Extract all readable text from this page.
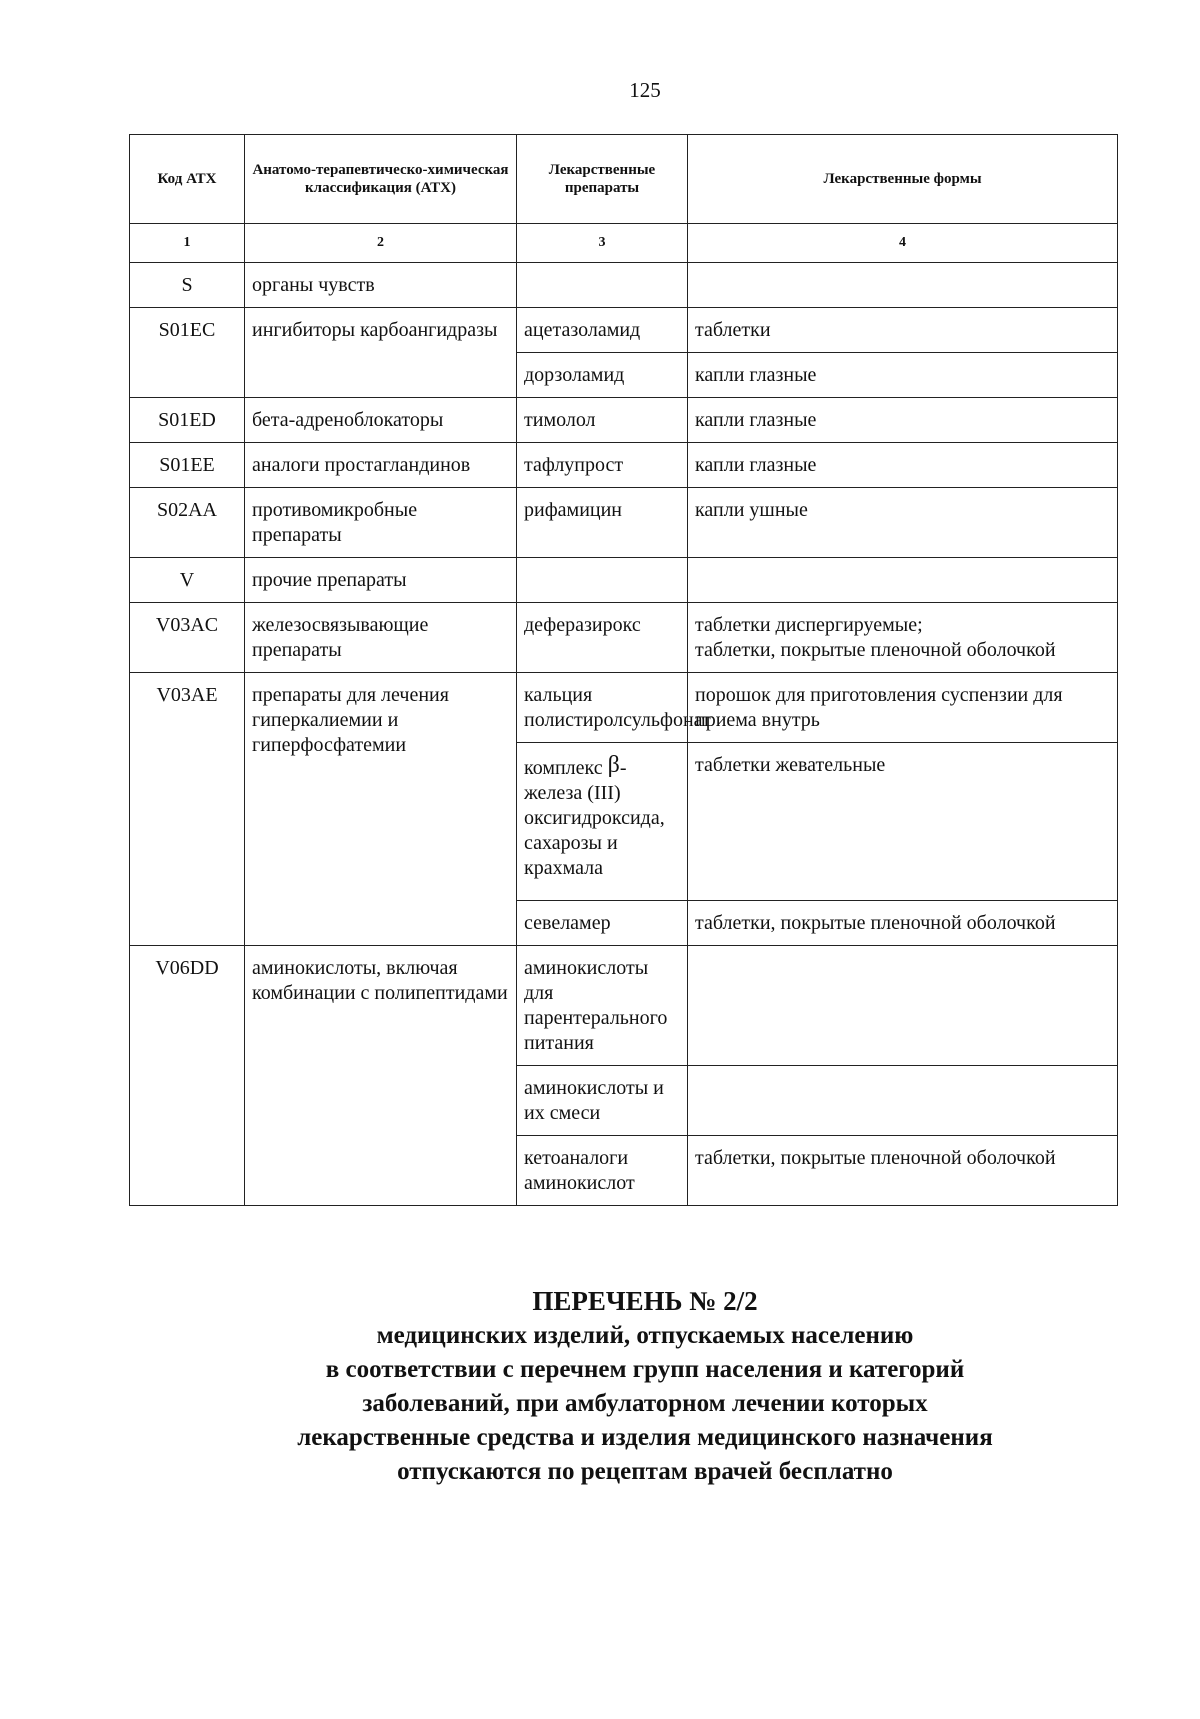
125
Код АТХ	Анатомо-терапевтическо-химическая классификация (АТХ)	Лекарственные препараты	Лекарственные формы
1	2	3	4
S	органы чувств		
S01EC	ингибиторы карбоангидразы	ацетазоламид	таблетки
		дорзоламид	капли глазные
S01ED	бета-адреноблокаторы	тимолол	капли глазные
S01EE	аналоги простагландинов	тафлупрост	капли глазные
S02AA	противомикробные препараты	рифамицин	капли ушные
V	прочие препараты		
V03AC	железосвязывающие препараты	деферазирокс	таблетки диспергируемые;
таблетки, покрытые пленочной оболочкой
V03AE	препараты для лечения гиперкалиемии и гиперфосфатемии	кальция полистиролсульфонат	порошок для приготовления суспензии для приема внутрь
		комплекс β-железа (III) оксигидроксида, сахарозы и крахмала	таблетки жевательные
		севеламер	таблетки, покрытые пленочной оболочкой
V06DD	аминокислоты, включая комбинации с полипептидами	аминокислоты для парентерального питания	
		аминокислоты и их смеси	
		кетоаналоги аминокислот	таблетки, покрытые пленочной оболочкой
ПЕРЕЧЕНЬ № 2/2
медицинских изделий, отпускаемых населению
в соответствии с перечнем групп населения и категорий
заболеваний, при амбулаторном лечении которых
лекарственные средства и изделия медицинского назначения
отпускаются по рецептам врачей бесплатно
